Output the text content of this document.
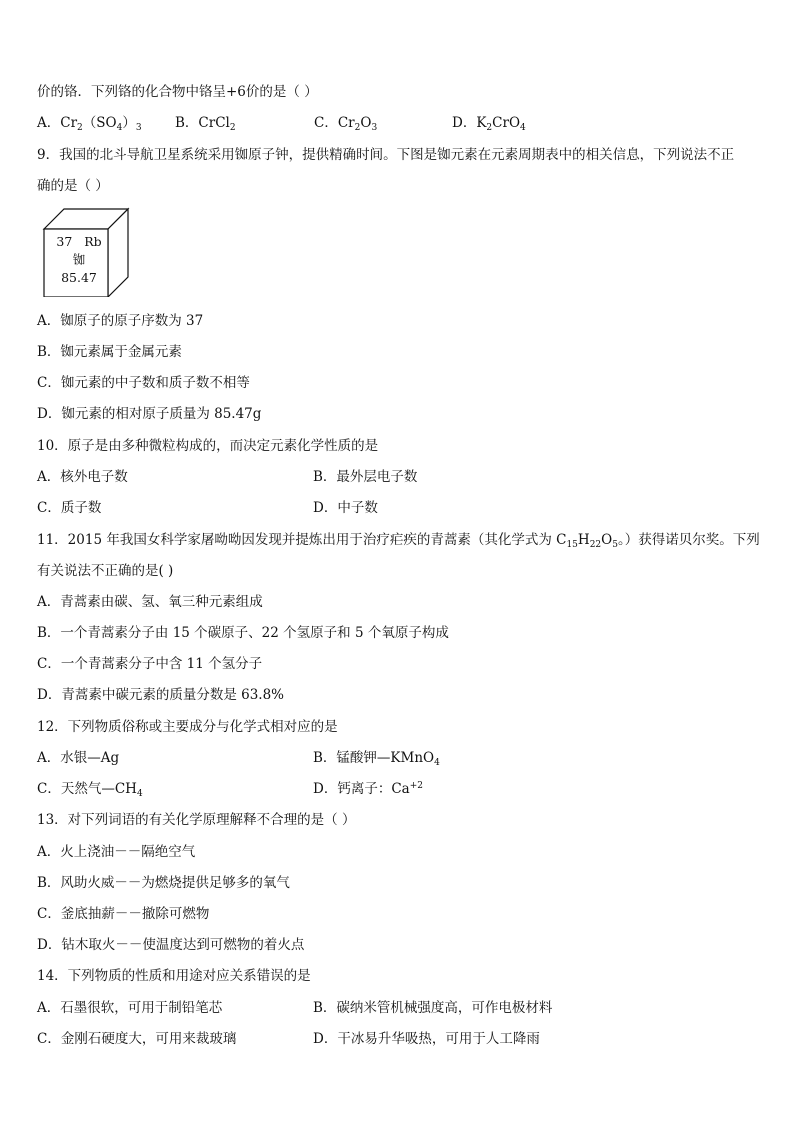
价的铬．下列铬的化合物中铬呈+6价的是（ ）
A．$Cr_2(SO_4)_3$ B．CrCl$_2$	C．$Cr_2O_3$	D．$K_2CrO_4$
9．我国的北斗导航卫星系统采用铷原子钟，提供精确时间。下图是铷元素在元素周期表中的相关信息，下列说法不正
确的是（ ）
37 Rb
铷
85.47
A．铷原子的原子序数为 37
B．铷元素属于金属元素
C．铷元素的中子数和质子数不相等
D．铷元素的相对原子质量为 85.47g
10．原子是由多种微粒构成的，而决定元素化学性质的是
A．核外电子数	B．最外层电子数
C．质子数	D．中子数
11．2015 年我国女科学家屠呦呦因发现并提炼出用于治疗疟疾的青蒿素（其化学式为 $C_{15}H_{22}O_5$。）获得诺贝尔奖。下列
有关说法不正确的是( )
A．青蒿素由碳、氢、氧三种元素组成
B．一个青蒿素分子由 15 个碳原子、22 个氢原子和 5 个氧原子构成
C．一个青蒿素分子中含 11 个氢分子
D．青蒿素中碳元素的质量分数是 63.8%
12．下列物质俗称或主要成分与化学式相对应的是
A．水银—Ag	B．锰酸钾—KMnO$_4$
C．天然气$—CH_4$	D．钙离子：$Ca^{+2}$
13．对下列词语的有关化学原理解释不合理的是（ ）
A．火上浇油－－隔绝空气
B．风助火威－－为燃烧提供足够多的氧气
C．釜底抽薪－－撤除可燃物
D．钻木取火－－使温度达到可燃物的着火点
14．下列物质的性质和用途对应关系错误的是
A．石墨很软，可用于制铅笔芯	B．碳纳米管机械强度高，可作电极材料
C．金刚石硬度大，可用来裁玻璃	D．干冰易升华吸热，可用于人工降雨
